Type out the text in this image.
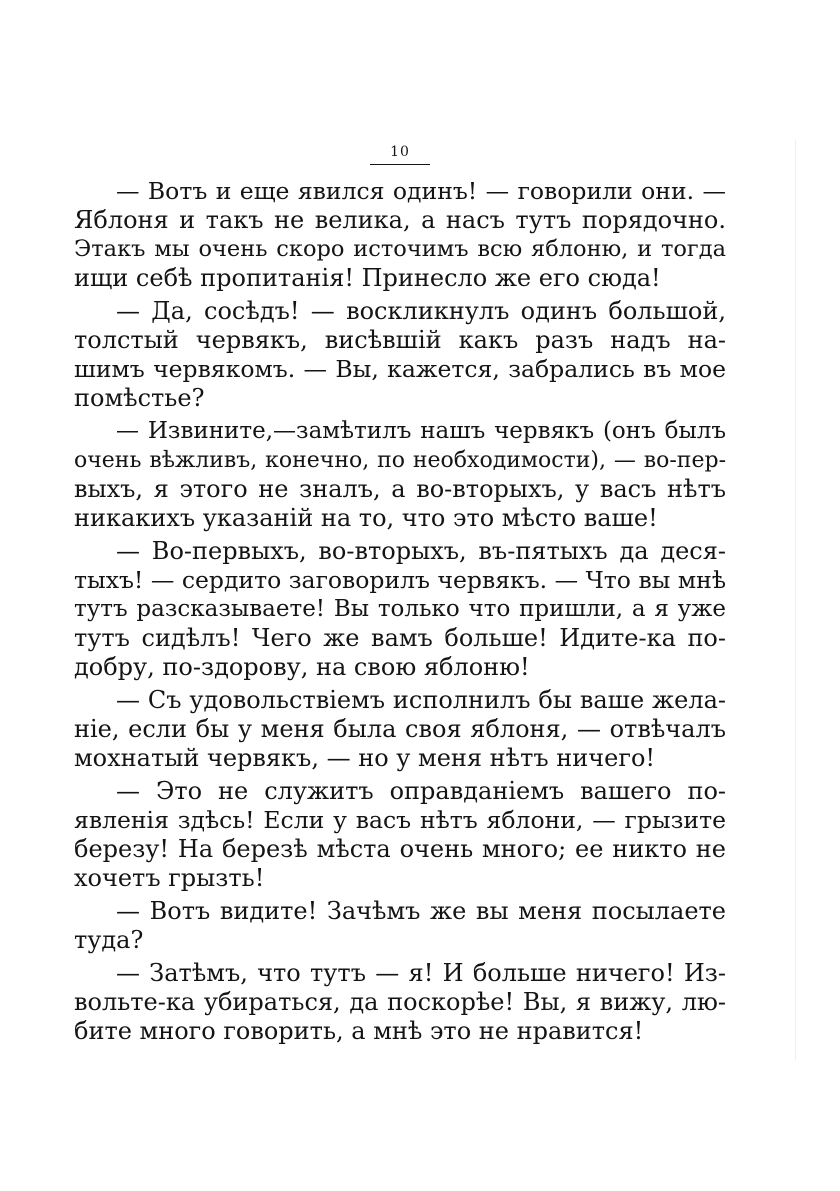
10
— Вотъ и еще явился одинъ! — говорили они. —
Яблоня и такъ не велика, а насъ тутъ порядочно.
Этакъ мы очень скоро источимъ всю яблоню, и тогда
ищи себѣ пропитанія! Принесло же его сюда!
— Да, сосѣдъ! — воскликнулъ одинъ большой,
толстый червякъ, висѣвшій какъ разъ надъ на-
шимъ червякомъ. — Вы, кажется, забрались въ мое
помѣстье?
— Извините,—замѣтилъ нашъ червякъ (онъ былъ
очень вѣжливъ, конечно, по необходимости), — во-пер-
выхъ, я этого не зналъ, а во-вторыхъ, у васъ нѣтъ
никакихъ указаній на то, что это мѣсто ваше!
— Во-первыхъ, во-вторыхъ, въ-пятыхъ да деся-
тыхъ! — сердито заговорилъ червякъ. — Что вы мнѣ
тутъ разсказываете! Вы только что пришли, а я уже
тутъ сидѣлъ! Чего же вамъ больше! Идите-ка по-
добру, по-здорову, на свою яблоню!
— Съ удовольствіемъ исполнилъ бы ваше жела-
ніе, если бы у меня была своя яблоня, — отвѣчалъ
мохнатый червякъ, — но у меня нѣтъ ничего!
— Это не служитъ оправданіемъ вашего по-
явленія здѣсь! Если у васъ нѣтъ яблони, — грызите
березу! На березѣ мѣста очень много; ее никто не
хочетъ грызть!
— Вотъ видите! Зачѣмъ же вы меня посылаете
туда?
— Затѣмъ, что тутъ — я! И больше ничего! Из-
вольте-ка убираться, да поскорѣе! Вы, я вижу, лю-
бите много говорить, а мнѣ это не нравится!
